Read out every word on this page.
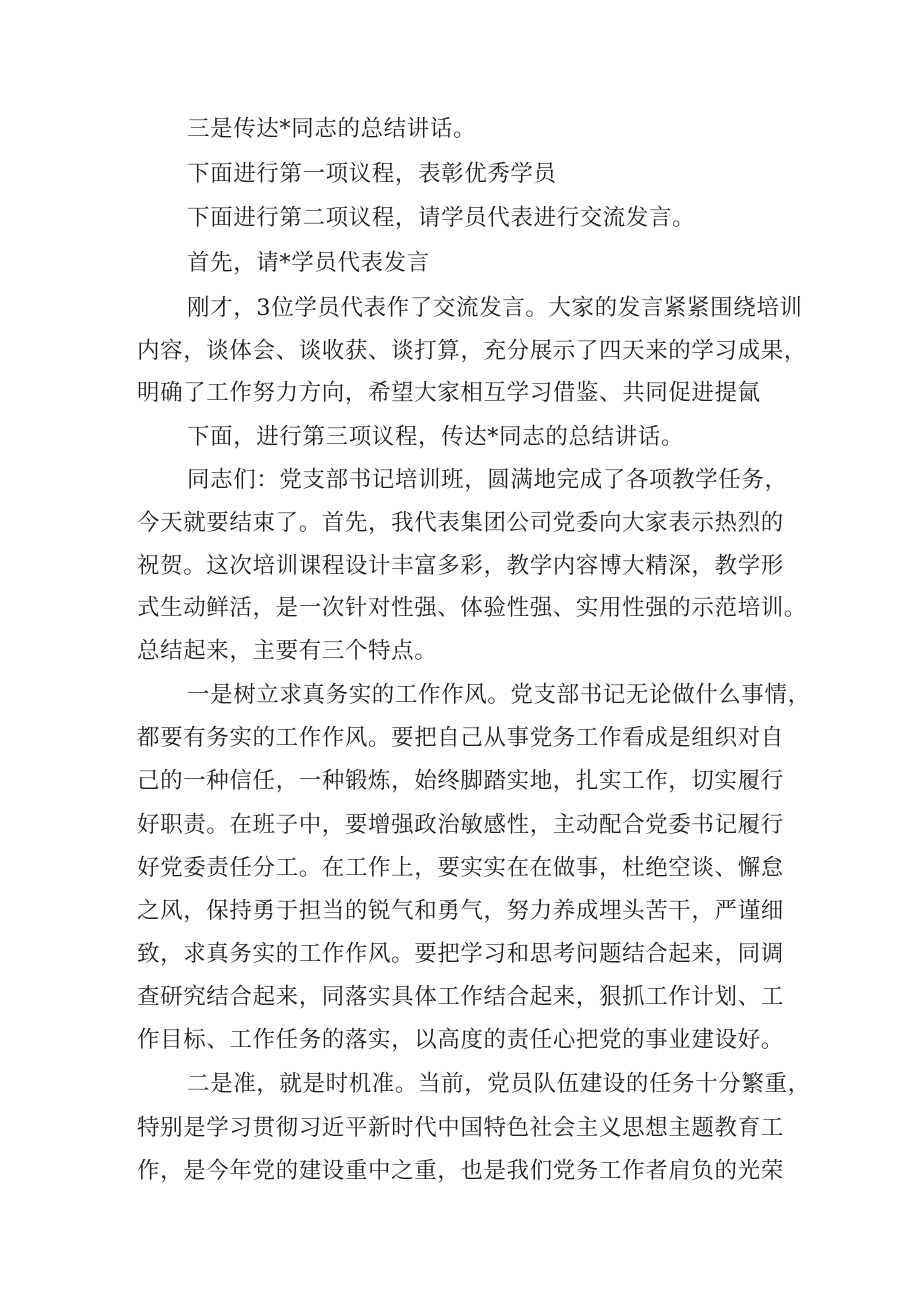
三是传达*同志的总结讲话。

下面进行第一项议程，表彰优秀学员

下面进行第二项议程，请学员代表进行交流发言。

首先，请*学员代表发言

刚才，3位学员代表作了交流发言。大家的发言紧紧围绕培训

内容，谈体会、谈收获、谈打算，充分展示了四天来的学习成果，

明确了工作努力方向，希望大家相互学习借鉴、共同促进提氤

下面，进行第三项议程，传达*同志的总结讲话。

同志们：党支部书记培训班，圆满地完成了各项教学任务，

今天就要结束了。首先，我代表集团公司党委向大家表示热烈的

祝贺。这次培训课程设计丰富多彩，教学内容博大精深，教学形

式生动鲜活，是一次针对性强、体验性强、实用性强的示范培训。

总结起来，主要有三个特点。

一是树立求真务实的工作作风。党支部书记无论做什么事情，

都要有务实的工作作风。要把自己从事党务工作看成是组织对自

己的一种信任，一种锻炼，始终脚踏实地，扎实工作，切实履行

好职责。在班子中，要增强政治敏感性，主动配合党委书记履行

好党委责任分工。在工作上，要实实在在做事，杜绝空谈、懈怠

之风，保持勇于担当的锐气和勇气，努力养成埋头苦干，严谨细

致，求真务实的工作作风。要把学习和思考问题结合起来，同调

查研究结合起来，同落实具体工作结合起来，狠抓工作计划、工

作目标、工作任务的落实，以高度的责任心把党的事业建设好。

二是准，就是时机准。当前，党员队伍建设的任务十分繁重，

特别是学习贯彻习近平新时代中国特色社会主义思想主题教育工

作，是今年党的建设重中之重，也是我们党务工作者肩负的光荣
